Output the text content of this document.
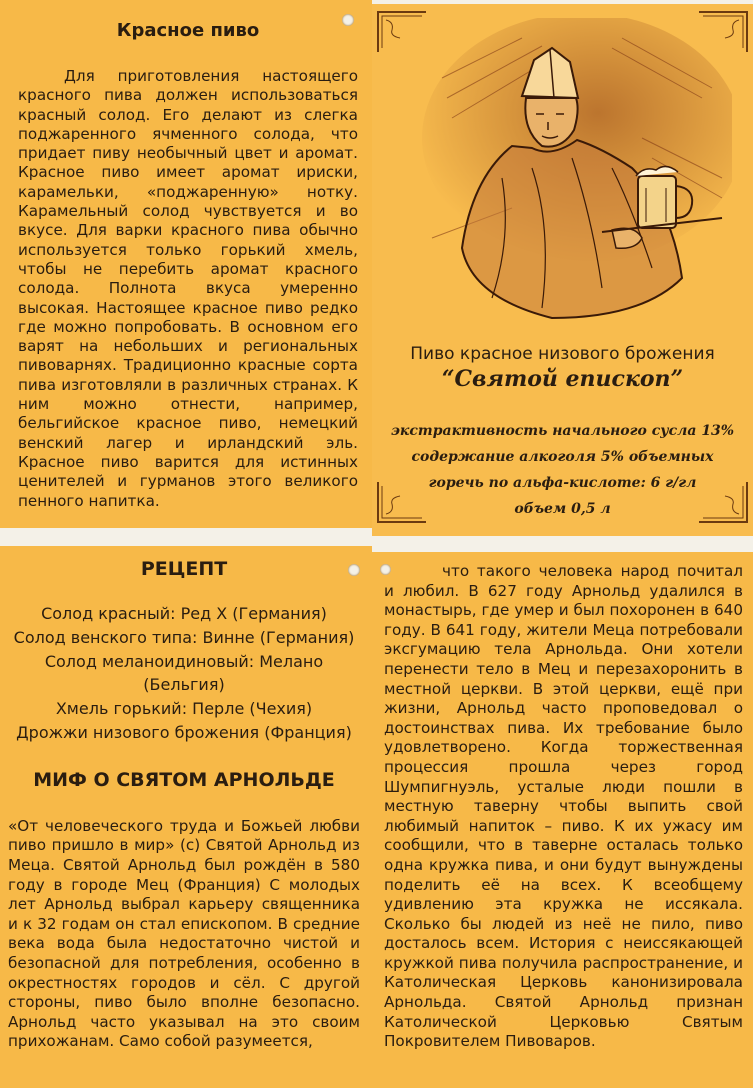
Красное пиво

Для приготовления настоящего красного пива должен использоваться красный солод. Его делают из слегка поджаренного ячменного солода, что придает пиву необычный цвет и аромат. Красное пиво имеет аромат ириски, карамельки, «поджаренную» нотку. Карамельный солод чувствуется и во вкусе. Для варки красного пива обычно используется только горький хмель, чтобы не перебить аромат красного солода. Полнота вкуса умеренно высокая. Настоящее красное пиво редко где можно попробовать. В основном его варят на небольших и региональных пивоварнях. Традиционно красные сорта пива изготовляли в различных странах. К ним можно отнести, например, бельгийское красное пиво, немецкий венский лагер и ирландский эль. Красное пиво варится для истинных ценителей и гурманов этого великого пенного напитка.

Пиво красное низового брожения
“Святой епископ”
экстрактивность начального сусла 13%
содержание алкоголя 5% объемных
горечь по альфа-кислоте: 6 г/гл
объем 0,5 л
РЕЦЕПТ

Солод красный: Ред Х (Германия)

Солод венского типа: Винне (Германия)

Солод меланоидиновый: Мелано

(Бельгия)

Хмель горький: Перле (Чехия)

Дрожжи низового брожения (Франция)

МИФ О СВЯТОМ АРНОЛЬДЕ

«От человеческого труда и Божьей любви пиво пришло в мир» (с) Святой Арнольд из Меца. Святой Арнольд был рождён в 580 году в городе Мец (Франция) С молодых лет Арнольд выбрал карьеру священника и к 32 годам он стал епископом. В средние века вода была недостаточно чистой и безопасной для потребления, особенно в окрестностях городов и сёл. С другой стороны, пиво было вполне безопасно. Арнольд часто указывал на это своим прихожанам. Само собой разумеется,

что такого человека народ почитал и любил. В 627 году Арнольд удалился в монастырь, где умер и был похоронен в 640 году. В 641 году, жители Меца потребовали эксгумацию тела Арнольда. Они хотели перенести тело в Мец и перезахоронить в местной церкви. В этой церкви, ещё при жизни, Арнольд часто проповедовал о достоинствах пива. Их требование было удовлетворено. Когда торжественная процессия прошла через город Шумпигнуэль, усталые люди пошли в местную таверну чтобы выпить свой любимый напиток – пиво. К их ужасу им сообщили, что в таверне осталась только одна кружка пива, и они будут вынуждены поделить её на всех. К всеобщему удивлению эта кружка не иссякала. Сколько бы людей из неё не пило, пиво досталось всем. История с неиссякающей кружкой пива получила распространение, и Католическая Церковь канонизировала Арнольда. Святой Арнольд признан Католической Церковью Святым Покровителем Пивоваров.
